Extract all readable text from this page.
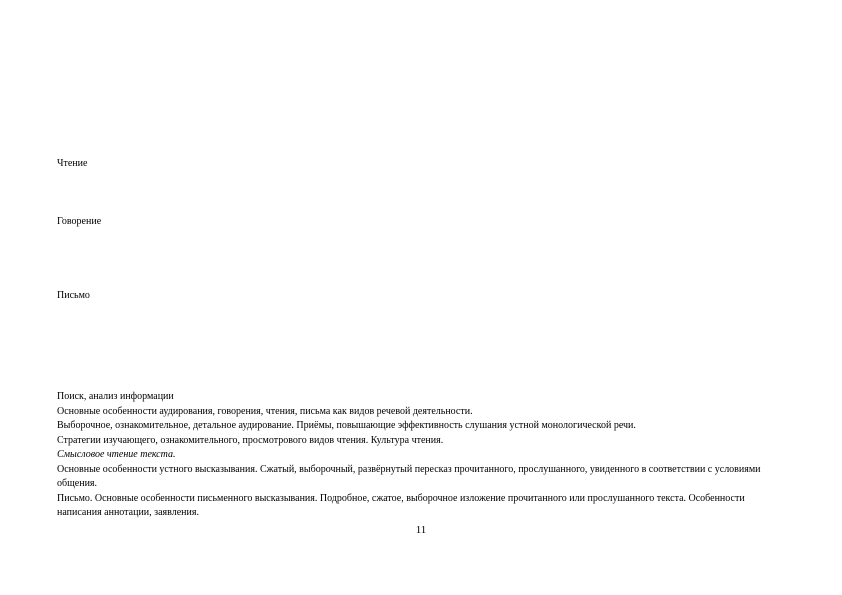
Чтение
Говорение
Письмо

Поиск, анализ информации

Основные особенности аудирования, говорения, чтения, письма как видов речевой деятельности.

Выборочное, ознакомительное, детальное аудирование. Приёмы, повышающие эффективность слушания устной монологической речи.

Стратегии изучающего, ознакомительного, просмотрового видов чтения. Культура чтения.

Смысловое чтение текста.

Основные особенности устного высказывания. Сжатый, выборочный, развёрнутый пересказ прочитанного, прослушанного, увиденного в соответствии с условиями общения.

Письмо. Основные особенности письменного высказывания. Подробное, сжатое, выборочное изложение прочитанного или прослушанного текста. Особенности написания аннотации, заявления.

11
